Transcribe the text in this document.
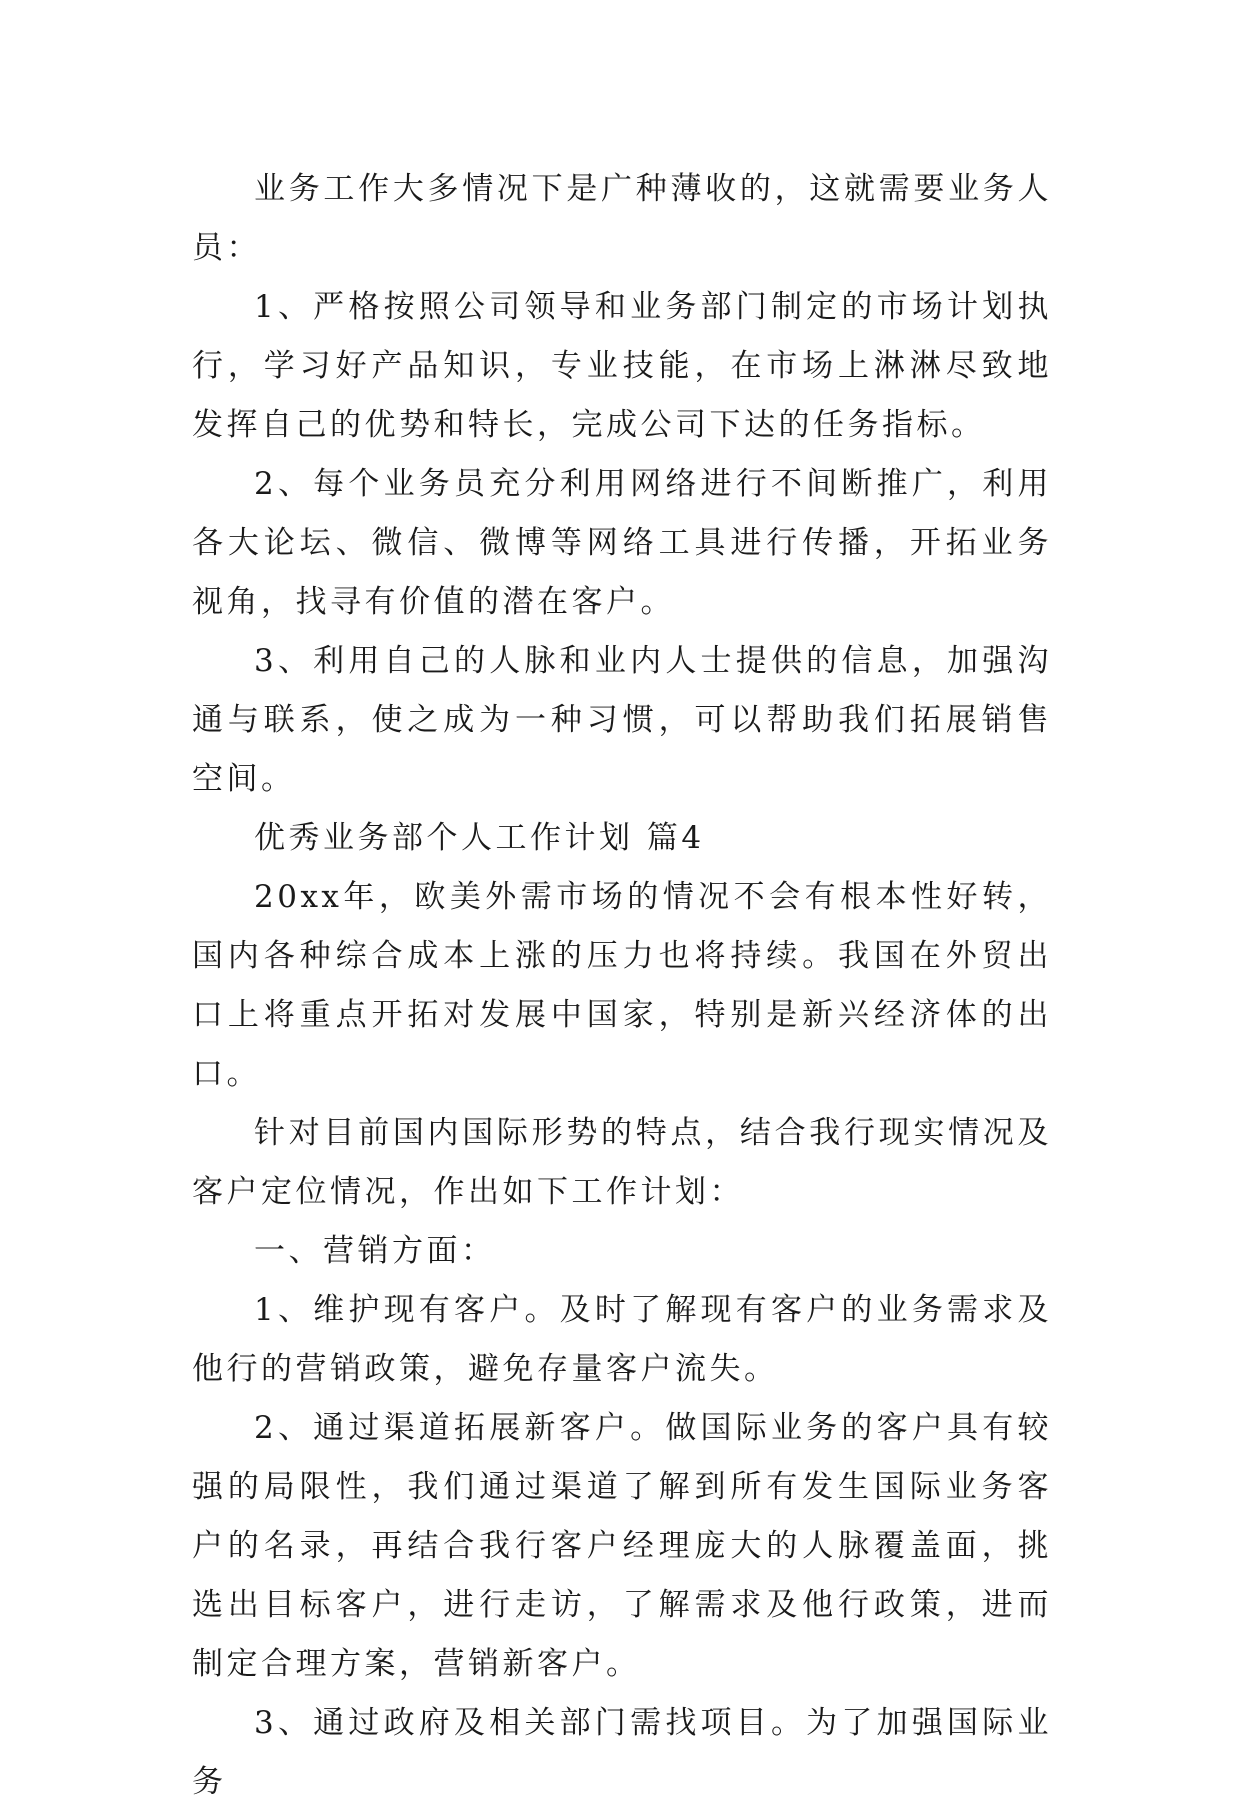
业务工作大多情况下是广种薄收的，这就需要业务人员：

1、严格按照公司领导和业务部门制定的市场计划执行，学习好产品知识，专业技能，在市场上淋淋尽致地发挥自己的优势和特长，完成公司下达的任务指标。

2、每个业务员充分利用网络进行不间断推广，利用各大论坛、微信、微博等网络工具进行传播，开拓业务视角，找寻有价值的潜在客户。

3、利用自己的人脉和业内人士提供的信息，加强沟通与联系，使之成为一种习惯，可以帮助我们拓展销售空间。

优秀业务部个人工作计划 篇4

20xx年，欧美外需市场的情况不会有根本性好转，国内各种综合成本上涨的压力也将持续。我国在外贸出口上将重点开拓对发展中国家，特别是新兴经济体的出口。

针对目前国内国际形势的特点，结合我行现实情况及客户定位情况，作出如下工作计划：

一、营销方面：

1、维护现有客户。及时了解现有客户的业务需求及他行的营销政策，避免存量客户流失。

2、通过渠道拓展新客户。做国际业务的客户具有较强的局限性，我们通过渠道了解到所有发生国际业务客户的名录，再结合我行客户经理庞大的人脉覆盖面，挑选出目标客户，进行走访，了解需求及他行政策，进而制定合理方案，营销新客户。

3、通过政府及相关部门需找项目。为了加强国际业务
